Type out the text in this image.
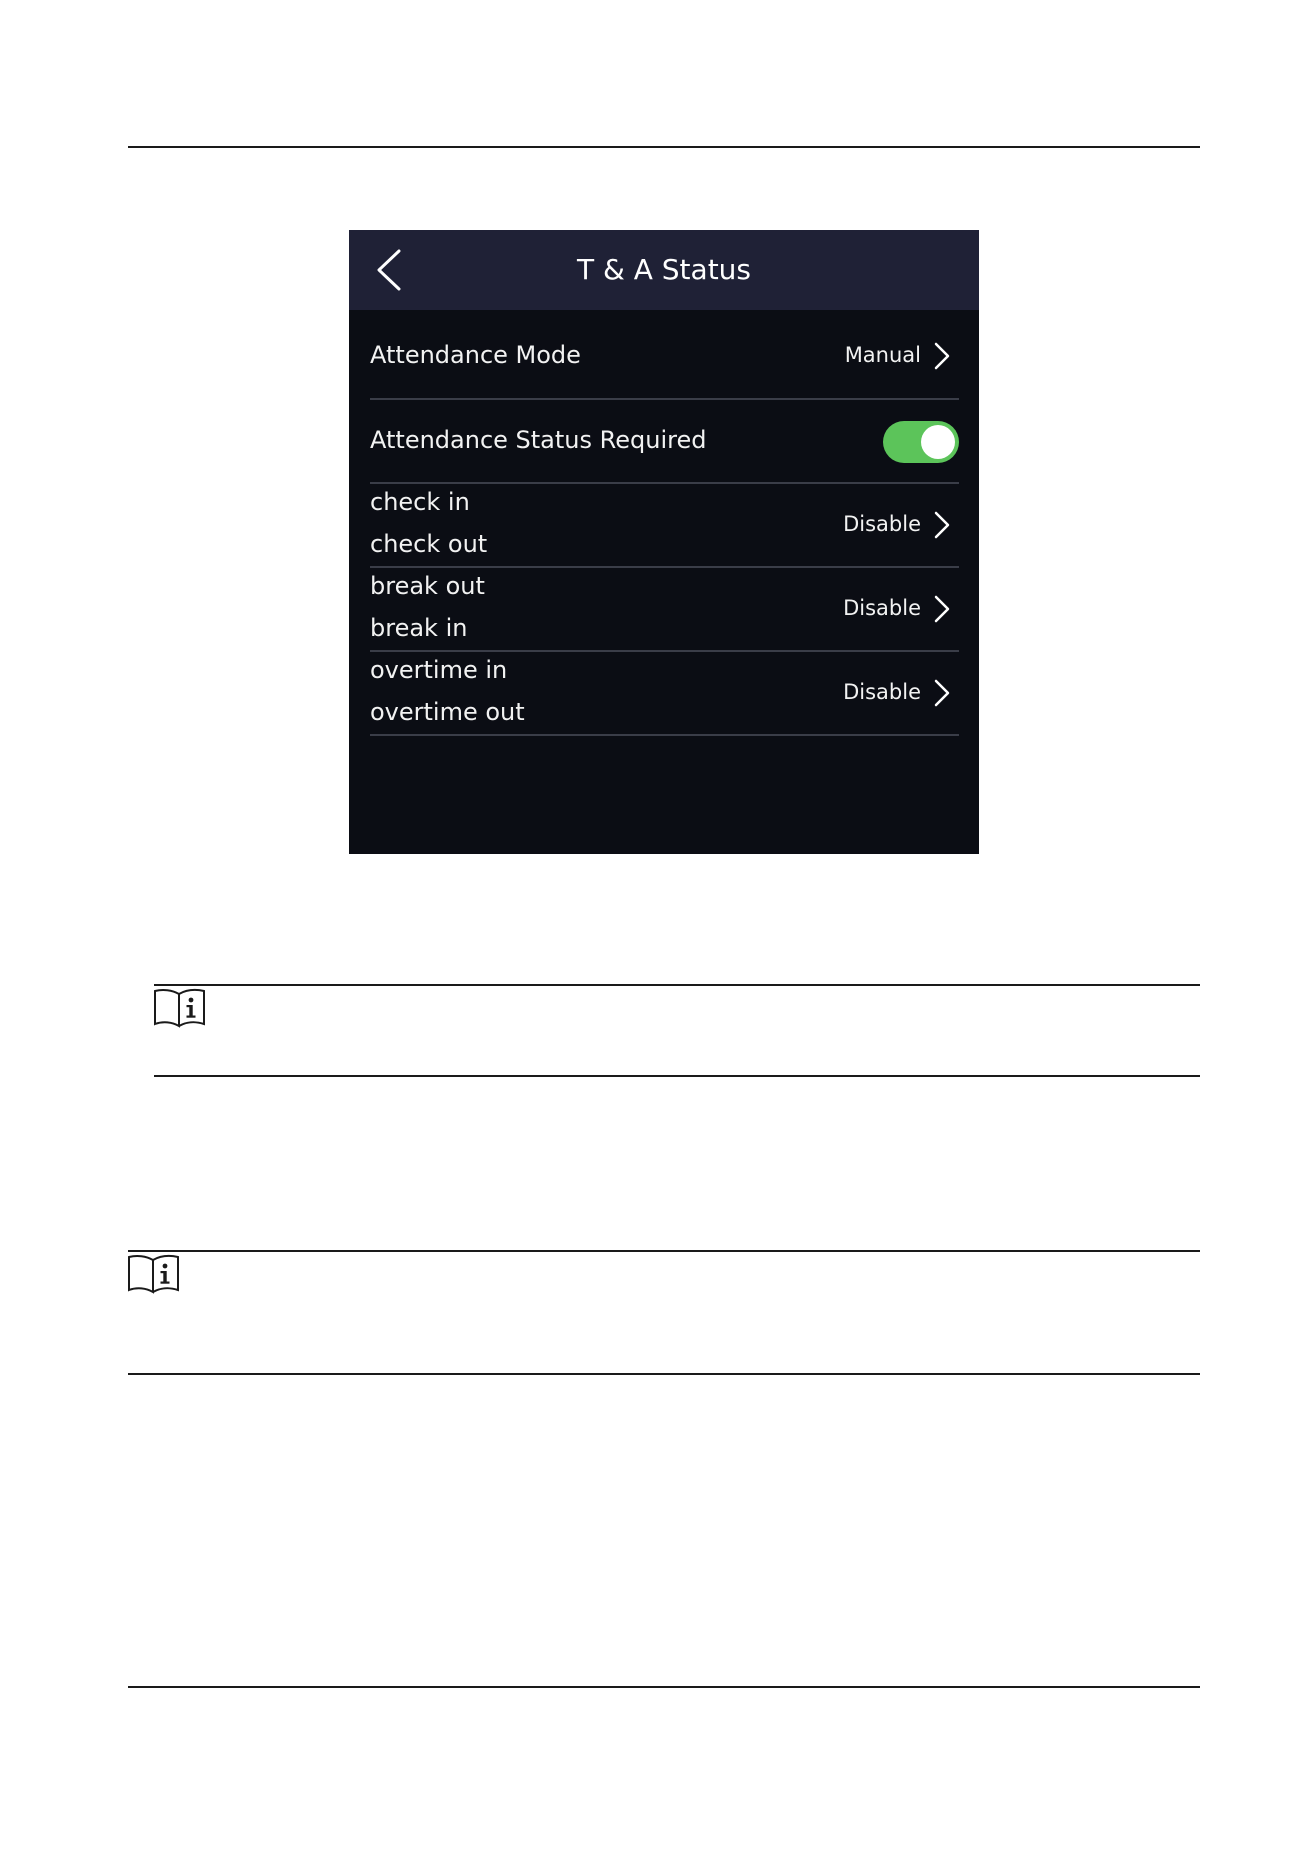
T & A Status
Attendance Mode	Manual
Attendance Status Required
check in
check out
Disable
break out
break in
Disable
overtime in
overtime out
Disable
